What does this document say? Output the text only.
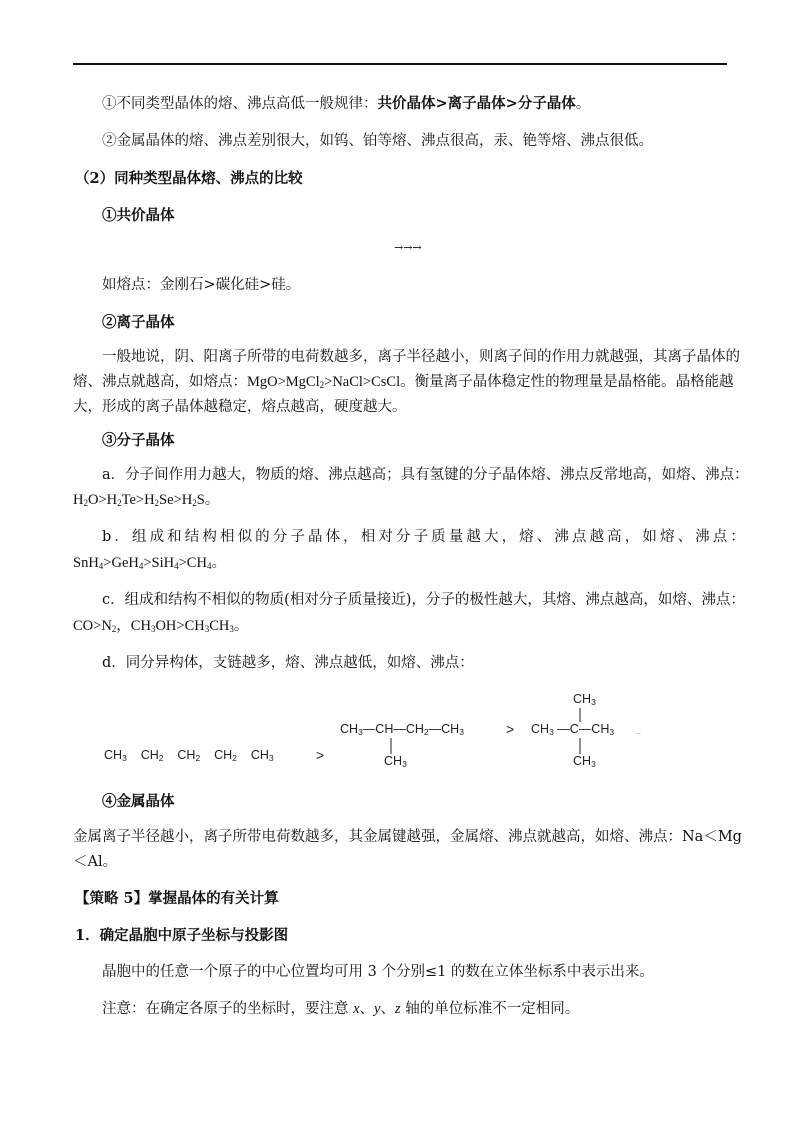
①不同类型晶体的熔、沸点高低一般规律：共价晶体>离子晶体>分子晶体。
②金属晶体的熔、沸点差别很大，如钨、铂等熔、沸点很高，汞、铯等熔、沸点很低。
（2）同种类型晶体熔、沸点的比较
①共价晶体
→→→
如熔点：金刚石>碳化硅>硅。
②离子晶体
一般地说，阴、阳离子所带的电荷数越多，离子半径越小，则离子间的作用力就越强，其离子晶体的
熔、沸点就越高，如熔点：MgO>MgCl$_2$>NaCl>CsCl。衡量离子晶体稳定性的物理量是晶格能。晶格能越
大，形成的离子晶体越稳定，熔点越高，硬度越大。
③分子晶体
a．分子间作用力越大，物质的熔、沸点越高；具有氢键的分子晶体熔、沸点反常地高，如熔、沸点：
$H_2O>H_2Te>H_2Se>H_2S$。
b．组成和结构相似的分子晶体，相对分子质量越大，熔、沸点越高，如熔、沸点：
$SnH_4>GeH_4>SiH_4>CH_4$。
c．组成和结构不相似的物质(相对分子质量接近)，分子的极性越大，其熔、沸点越高，如熔、沸点：
$CO>N_2$，$CH_3OH>CH_3CH_3$。
d．同分异构体，支链越多，熔、沸点越低，如熔、沸点：
$CH_3$ $CH_2$ $CH_2$ $CH_2$ $CH_3$	>
$CH_3—CH—CH_2—CH_3$
$CH_3$
> $CH_3$ $—C—CH_3$
$CH_3$
$CH_3$
..
④金属晶体
金属离子半径越小，离子所带电荷数越多，其金属键越强，金属熔、沸点就越高，如熔、沸点：Na＜Mg
＜Al。
【策略 5】掌握晶体的有关计算
1．确定晶胞中原子坐标与投影图
晶胞中的任意一个原子的中心位置均可用 3 个分别≤1 的数在立体坐标系中表示出来。
注意：在确定各原子的坐标时，要注意 x、y、z 轴的单位标准不一定相同。
